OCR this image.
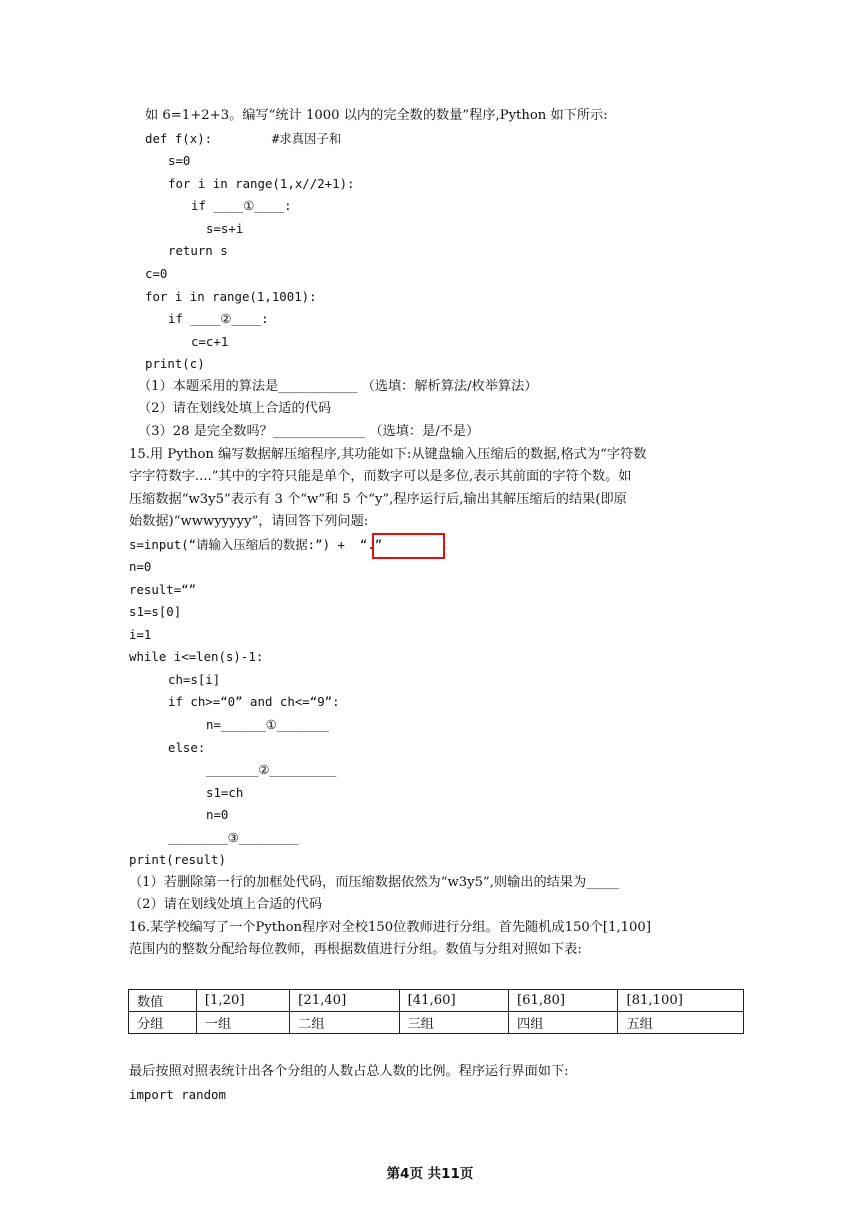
如 6=1+2+3。编写“统计 1000 以内的完全数的数量”程序,Python 如下所示:
def f(x):        #求真因子和
s=0
for i in range(1,x//2+1):
if ____①____:
s=s+i
return s
c=0
for i in range(1,1001):
if ____②____:
c=c+1
print(c)
（1）本题采用的算法是____________ （选填：解析算法/枚举算法）
（2）请在划线处填上合适的代码
（3）28 是完全数吗？______________ （选填：是/不是）
15.用 Python 编写数据解压缩程序,其功能如下:从键盘输入压缩后的数据,格式为“字符数
字字符数字....”其中的字符只能是单个，而数字可以是多位,表示其前面的字符个数。如
压缩数据“w3y5”表示有 3 个“w”和 5 个“y”,程序运行后,输出其解压缩后的结果(即原
始数据)“wwwyyyyy”，请回答下列问题:
s=input(“请输入压缩后的数据:”) +  “.”
n=0
result=“”
s1=s[0]
i=1
while i<=len(s)-1:
ch=s[i]
if ch>=“0” and ch<=“9”:
n=______①_______
else:
_______②_________
s1=ch
n=0
________③________
print(result)
（1）若删除第一行的加框处代码，而压缩数据依然为“w3y5”,则输出的结果为_____
（2）请在划线处填上合适的代码
16.某学校编写了一个Python程序对全校150位教师进行分组。首先随机成150个[1,100]
范围内的整数分配给每位教师，再根据数值进行分组。数值与分组对照如下表:
数值	[1,20]	[21,40]	[41,60]	[61,80]	[81,100]
分组	一组	二组	三组	四组	五组
最后按照对照表统计出各个分组的人数占总人数的比例。程序运行界面如下:
import random
第4页 共11页
